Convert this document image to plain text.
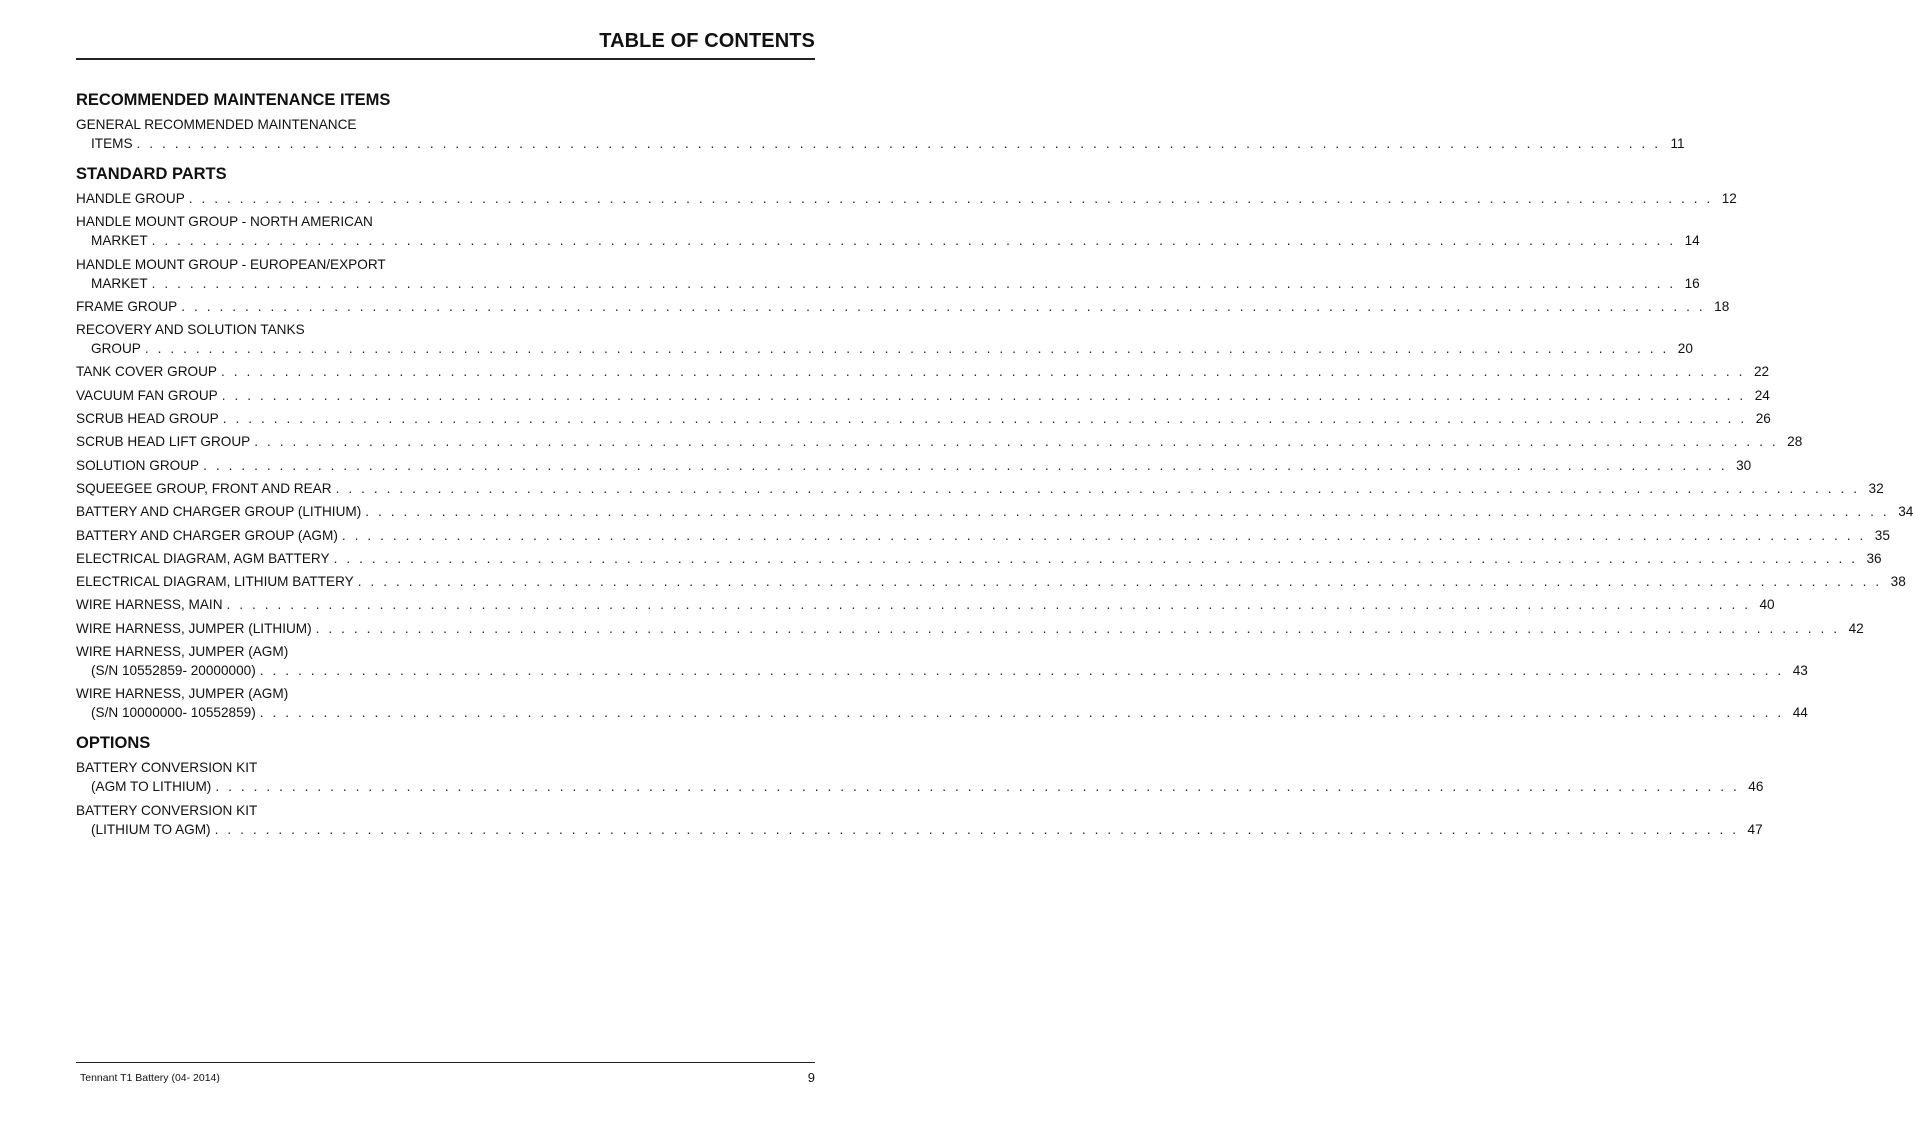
TABLE OF CONTENTS
RECOMMENDED MAINTENANCE ITEMS
GENERAL RECOMMENDED MAINTENANCE
ITEMS . . . . . . . . . . . . . . . . . . . . . . . . . . . . . . . . . . . . . . . . . . . . . . . . . . . . . . . . . . . . . . . . . . . . . . . . . . . . . . . . . . . . . . . . . . . . . . . . . . . . . . . . . . . . . . . . . . . . . . . . 11
STANDARD PARTS
HANDLE GROUP . . . . . . . . . . . . . . . . . . . . . . . . . . . . . . . . . . . . . . . . . . . . . . . . . . . . . . . . . . . . . . . . . . . . . . . . . . . . . . . . . . . . . . . . . . . . . . . . . . . . . . . . . . . . . . . . . . . . . . . . 12
HANDLE MOUNT GROUP - NORTH AMERICAN
MARKET . . . . . . . . . . . . . . . . . . . . . . . . . . . . . . . . . . . . . . . . . . . . . . . . . . . . . . . . . . . . . . . . . . . . . . . . . . . . . . . . . . . . . . . . . . . . . . . . . . . . . . . . . . . . . . . . . . . . . . . . 14
HANDLE MOUNT GROUP - EUROPEAN/EXPORT
MARKET . . . . . . . . . . . . . . . . . . . . . . . . . . . . . . . . . . . . . . . . . . . . . . . . . . . . . . . . . . . . . . . . . . . . . . . . . . . . . . . . . . . . . . . . . . . . . . . . . . . . . . . . . . . . . . . . . . . . . . . . 16
FRAME GROUP . . . . . . . . . . . . . . . . . . . . . . . . . . . . . . . . . . . . . . . . . . . . . . . . . . . . . . . . . . . . . . . . . . . . . . . . . . . . . . . . . . . . . . . . . . . . . . . . . . . . . . . . . . . . . . . . . . . . . . . . 18
RECOVERY AND SOLUTION TANKS
GROUP . . . . . . . . . . . . . . . . . . . . . . . . . . . . . . . . . . . . . . . . . . . . . . . . . . . . . . . . . . . . . . . . . . . . . . . . . . . . . . . . . . . . . . . . . . . . . . . . . . . . . . . . . . . . . . . . . . . . . . . . 20
TANK COVER GROUP . . . . . . . . . . . . . . . . . . . . . . . . . . . . . . . . . . . . . . . . . . . . . . . . . . . . . . . . . . . . . . . . . . . . . . . . . . . . . . . . . . . . . . . . . . . . . . . . . . . . . . . . . . . . . . . . . . . . . . . . 22
VACUUM FAN GROUP . . . . . . . . . . . . . . . . . . . . . . . . . . . . . . . . . . . . . . . . . . . . . . . . . . . . . . . . . . . . . . . . . . . . . . . . . . . . . . . . . . . . . . . . . . . . . . . . . . . . . . . . . . . . . . . . . . . . . . . . 24
SCRUB HEAD GROUP . . . . . . . . . . . . . . . . . . . . . . . . . . . . . . . . . . . . . . . . . . . . . . . . . . . . . . . . . . . . . . . . . . . . . . . . . . . . . . . . . . . . . . . . . . . . . . . . . . . . . . . . . . . . . . . . . . . . . . . . 26
SCRUB HEAD LIFT GROUP . . . . . . . . . . . . . . . . . . . . . . . . . . . . . . . . . . . . . . . . . . . . . . . . . . . . . . . . . . . . . . . . . . . . . . . . . . . . . . . . . . . . . . . . . . . . . . . . . . . . . . . . . . . . . . . . . . . . . . . . 28
SOLUTION GROUP . . . . . . . . . . . . . . . . . . . . . . . . . . . . . . . . . . . . . . . . . . . . . . . . . . . . . . . . . . . . . . . . . . . . . . . . . . . . . . . . . . . . . . . . . . . . . . . . . . . . . . . . . . . . . . . . . . . . . . . . 30
SQUEEGEE GROUP, FRONT AND REAR . . . . . . . . . . . . . . . . . . . . . . . . . . . . . . . . . . . . . . . . . . . . . . . . . . . . . . . . . . . . . . . . . . . . . . . . . . . . . . . . . . . . . . . . . . . . . . . . . . . . . . . . . . . . . . . . . . . . . . . . 32
BATTERY AND CHARGER GROUP (LITHIUM) . . . . . . . . . . . . . . . . . . . . . . . . . . . . . . . . . . . . . . . . . . . . . . . . . . . . . . . . . . . . . . . . . . . . . . . . . . . . . . . . . . . . . . . . . . . . . . . . . . . . . . . . . . . . . . . . . . . . . . . . 34
BATTERY AND CHARGER GROUP (AGM) . . . . . . . . . . . . . . . . . . . . . . . . . . . . . . . . . . . . . . . . . . . . . . . . . . . . . . . . . . . . . . . . . . . . . . . . . . . . . . . . . . . . . . . . . . . . . . . . . . . . . . . . . . . . . . . . . . . . . . . . 35
ELECTRICAL DIAGRAM, AGM BATTERY . . . . . . . . . . . . . . . . . . . . . . . . . . . . . . . . . . . . . . . . . . . . . . . . . . . . . . . . . . . . . . . . . . . . . . . . . . . . . . . . . . . . . . . . . . . . . . . . . . . . . . . . . . . . . . . . . . . . . . . . 36
ELECTRICAL DIAGRAM, LITHIUM BATTERY . . . . . . . . . . . . . . . . . . . . . . . . . . . . . . . . . . . . . . . . . . . . . . . . . . . . . . . . . . . . . . . . . . . . . . . . . . . . . . . . . . . . . . . . . . . . . . . . . . . . . . . . . . . . . . . . . . . . . . . . 38
WIRE HARNESS, MAIN . . . . . . . . . . . . . . . . . . . . . . . . . . . . . . . . . . . . . . . . . . . . . . . . . . . . . . . . . . . . . . . . . . . . . . . . . . . . . . . . . . . . . . . . . . . . . . . . . . . . . . . . . . . . . . . . . . . . . . . . 40
WIRE HARNESS, JUMPER (LITHIUM) . . . . . . . . . . . . . . . . . . . . . . . . . . . . . . . . . . . . . . . . . . . . . . . . . . . . . . . . . . . . . . . . . . . . . . . . . . . . . . . . . . . . . . . . . . . . . . . . . . . . . . . . . . . . . . . . . . . . . . . . 42
WIRE HARNESS, JUMPER (AGM)
(S/N 10552859- 20000000) . . . . . . . . . . . . . . . . . . . . . . . . . . . . . . . . . . . . . . . . . . . . . . . . . . . . . . . . . . . . . . . . . . . . . . . . . . . . . . . . . . . . . . . . . . . . . . . . . . . . . . . . . . . . . . . . . . . . . . . . 43
WIRE HARNESS, JUMPER (AGM)
(S/N 10000000- 10552859) . . . . . . . . . . . . . . . . . . . . . . . . . . . . . . . . . . . . . . . . . . . . . . . . . . . . . . . . . . . . . . . . . . . . . . . . . . . . . . . . . . . . . . . . . . . . . . . . . . . . . . . . . . . . . . . . . . . . . . . . 44
OPTIONS
BATTERY CONVERSION KIT
(AGM TO LITHIUM) . . . . . . . . . . . . . . . . . . . . . . . . . . . . . . . . . . . . . . . . . . . . . . . . . . . . . . . . . . . . . . . . . . . . . . . . . . . . . . . . . . . . . . . . . . . . . . . . . . . . . . . . . . . . . . . . . . . . . . . . 46
BATTERY CONVERSION KIT
(LITHIUM TO AGM) . . . . . . . . . . . . . . . . . . . . . . . . . . . . . . . . . . . . . . . . . . . . . . . . . . . . . . . . . . . . . . . . . . . . . . . . . . . . . . . . . . . . . . . . . . . . . . . . . . . . . . . . . . . . . . . . . . . . . . . . 47
Tennant T1 Battery (04- 2014)	9
